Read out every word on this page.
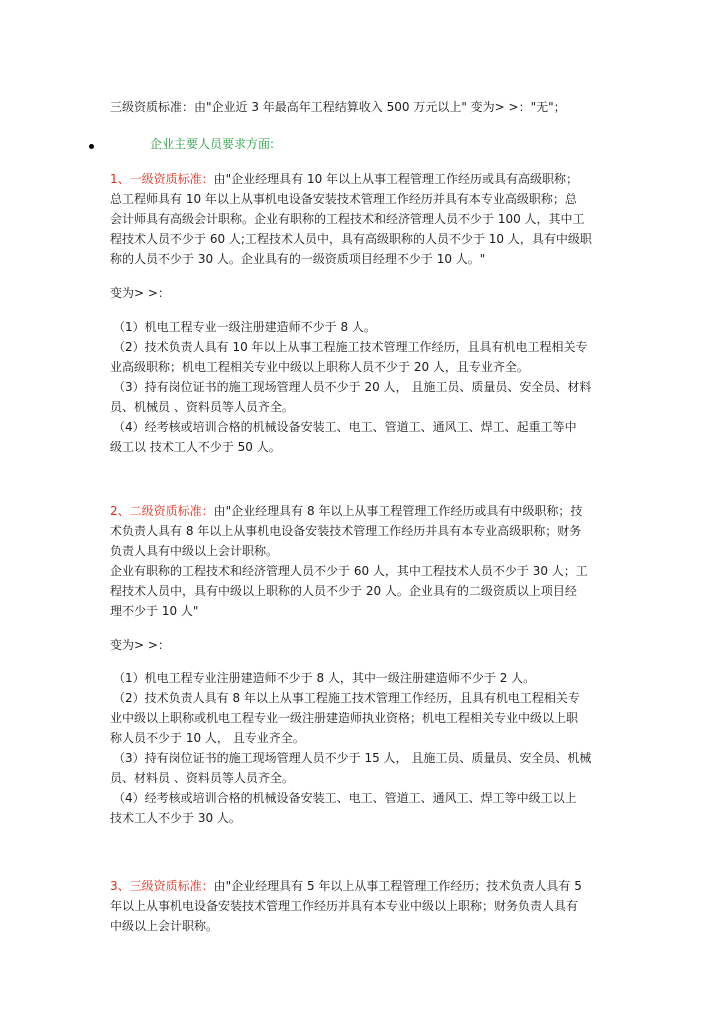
三级资质标准：由"企业近 3 年最高年工程结算收入 500 万元以上" 变为> >："无"；
企业主要人员要求方面:
1、一级资质标准：由"企业经理具有 10 年以上从事工程管理工作经历或具有高级职称；
总工程师具有 10 年以上从事机电设备安装技术管理工作经历并具有本专业高级职称；总
会计师具有高级会计职称。企业有职称的工程技术和经济管理人员不少于 100 人，其中工
程技术人员不少于 60 人;工程技术人员中，具有高级职称的人员不少于 10 人，具有中级职
称的人员不少于 30 人。企业具有的一级资质项目经理不少于 10 人。"
变为> >：
（1）机电工程专业一级注册建造师不少于 8 人。
（2）技术负责人具有 10 年以上从事工程施工技术管理工作经历，且具有机电工程相关专
业高级职称；机电工程相关专业中级以上职称人员不少于 20 人，且专业齐全。
（3）持有岗位证书的施工现场管理人员不少于 20 人， 且施工员、质量员、安全员、材料
员、机械员 、资料员等人员齐全。
（4）经考核或培训合格的机械设备安装工、电工、管道工、通风工、焊工、起重工等中
级工以 技术工人不少于 50 人。
2、二级资质标准：由"企业经理具有 8 年以上从事工程管理工作经历或具有中级职称；技
术负责人具有 8 年以上从事机电设备安装技术管理工作经历并具有本专业高级职称；财务
负责人具有中级以上会计职称。
企业有职称的工程技术和经济管理人员不少于 60 人，其中工程技术人员不少于 30 人；工
程技术人员中，具有中级以上职称的人员不少于 20 人。企业具有的二级资质以上项目经
理不少于 10 人"
变为> >：
（1）机电工程专业注册建造师不少于 8 人，其中一级注册建造师不少于 2 人。
（2）技术负责人具有 8 年以上从事工程施工技术管理工作经历，且具有机电工程相关专
业中级以上职称或机电工程专业一级注册建造师执业资格；机电工程相关专业中级以上职
称人员不少于 10 人， 且专业齐全。
（3）持有岗位证书的施工现场管理人员不少于 15 人， 且施工员、质量员、安全员、机械
员、材料员 、资料员等人员齐全。
（4）经考核或培训合格的机械设备安装工、电工、管道工、通风工、焊工等中级工以上
技术工人不少于 30 人。
3、三级资质标准：由"企业经理具有 5 年以上从事工程管理工作经历；技术负责人具有 5
年以上从事机电设备安装技术管理工作经历并具有本专业中级以上职称；财务负责人具有
中级以上会计职称。
